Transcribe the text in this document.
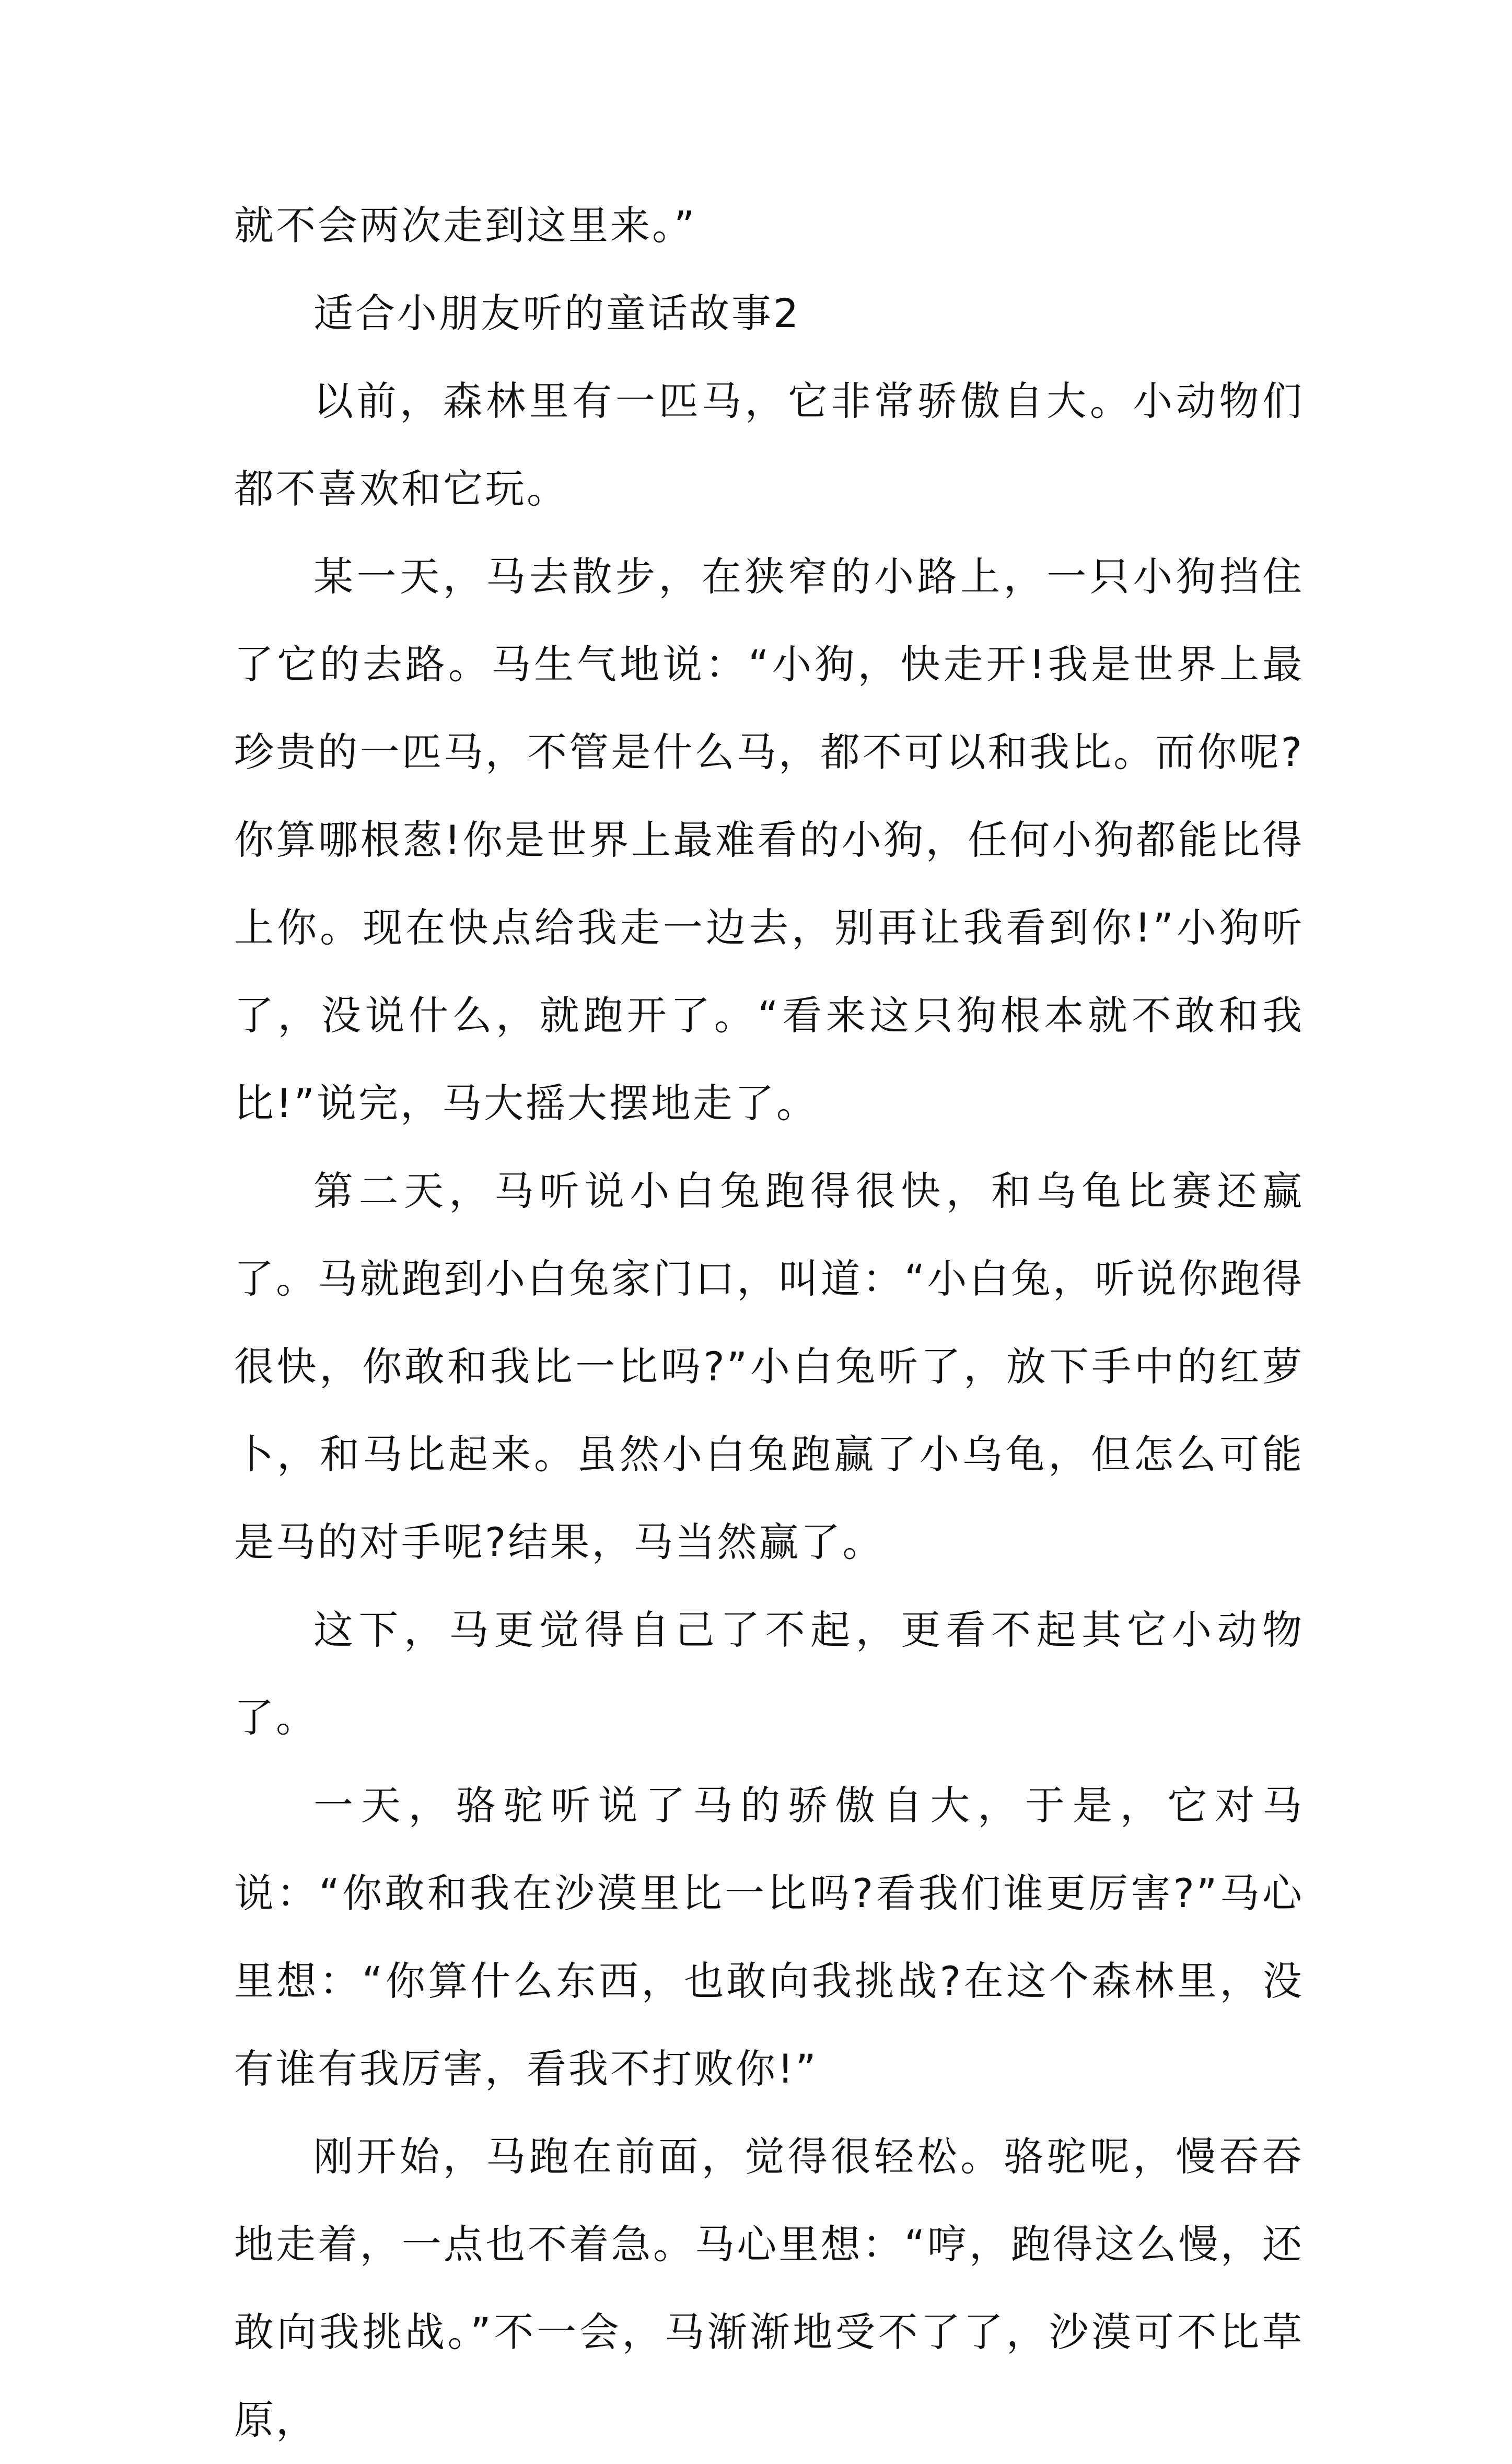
就不会两次走到这里来。”

适合小朋友听的童话故事2

以前，森林里有一匹马，它非常骄傲自大。小动物们都不喜欢和它玩。

某一天，马去散步，在狭窄的小路上，一只小狗挡住了它的去路。马生气地说：“小狗，快走开!我是世界上最珍贵的一匹马，不管是什么马，都不可以和我比。而你呢?你算哪根葱!你是世界上最难看的小狗，任何小狗都能比得上你。现在快点给我走一边去，别再让我看到你!”小狗听了，没说什么，就跑开了。“看来这只狗根本就不敢和我比!”说完，马大摇大摆地走了。

第二天，马听说小白兔跑得很快，和乌龟比赛还赢了。马就跑到小白兔家门口，叫道：“小白兔，听说你跑得很快，你敢和我比一比吗?”小白兔听了，放下手中的红萝卜，和马比起来。虽然小白兔跑赢了小乌龟，但怎么可能是马的对手呢?结果，马当然赢了。

这下，马更觉得自己了不起，更看不起其它小动物了。

一天，骆驼听说了马的骄傲自大，于是，它对马说：“你敢和我在沙漠里比一比吗?看我们谁更厉害?”马心里想：“你算什么东西，也敢向我挑战?在这个森林里，没有谁有我厉害，看我不打败你!”

刚开始，马跑在前面，觉得很轻松。骆驼呢，慢吞吞地走着，一点也不着急。马心里想：“哼，跑得这么慢，还敢向我挑战。”不一会，马渐渐地受不了了，沙漠可不比草原，
